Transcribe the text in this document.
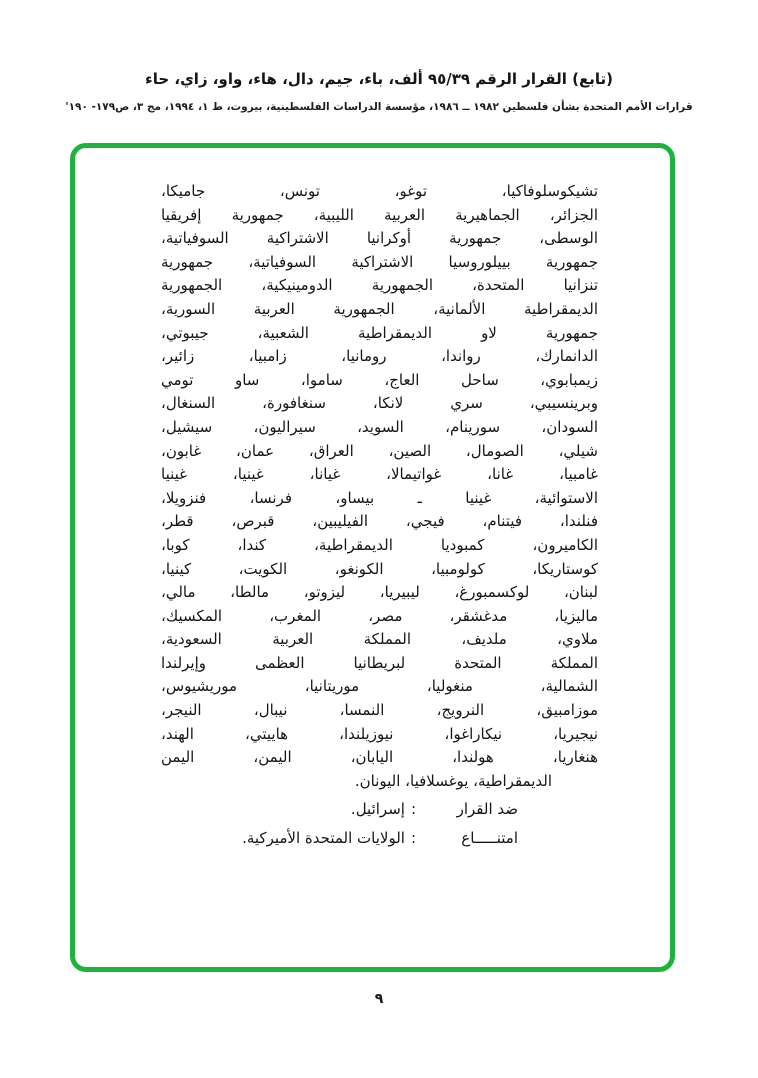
(تابع) القرار الرقم ٩٥/٣٩ ألف، باء، جيم، دال، هاء، واو، زاي، حاء
قرارات الأمم المتحدة بشأن فلسطين ١٩٨٢ ــ ١٩٨٦، مؤسسة الدراسات الفلسطينية، بيروت، ط ١، ١٩٩٤، مج ٣، ص١٧٩- ١٩٠'
تشيكوسلوفاكيا، توغو، تونس، جاميكا،
الجزائر، الجماهيرية العربية الليبية، جمهورية إفريقيا
الوسطى، جمهورية أوكرانيا الاشتراكية السوفياتية،
جمهورية بييلوروسيا الاشتراكية السوفياتية، جمهورية
تنزانيا المتحدة، الجمهورية الدومينيكية، الجمهورية
الديمقراطية الألمانية، الجمهورية العربية السورية،
جمهورية لاو الديمقراطية الشعبية، جيبوتي،
الدانمارك، رواندا، رومانيا، زامبيا، زائير،
زيمبابوي، ساحل العاج، ساموا، ساو تومي
وبرينسيبي، سري لانكا، سنغافورة، السنغال،
السودان، سورينام، السويد، سيراليون، سيشيل،
شيلي، الصومال، الصين، العراق، عمان، غابون،
غامبيا، غانا، غواتيمالا، غيانا، غينيا، غينيا
الاستوائية، غينيا ـ بيساو، فرنسا، فنزويلا،
فنلندا، فيتنام، فيجي، الفيليبين، قبرص، قطر،
الكاميرون، كمبوديا الديمقراطية، كندا، كوبا،
كوستاريكا، كولومبيا، الكونغو، الكويت، كينيا،
لبنان، لوكسمبورغ، ليبيريا، ليزوتو، مالطا، مالي،
ماليزيا، مدغشقر، مصر، المغرب، المكسيك،
ملاوي، ملديف، المملكة العربية السعودية،
المملكة المتحدة لبريطانيا العظمى وإيرلندا
الشمالية، منغوليا، موريتانيا، موريشيوس،
موزامبيق، النرويج، النمسا، نيبال، النيجر،
نيجيريا، نيكاراغوا، نيوزيلندا، هاييتي، الهند،
هنغاريا، هولندا، اليابان، اليمن، اليمن
الديمقراطية، يوغسلافيا، اليونان.
ضد القرار:إسرائيل.
امتنـــــاع:الولايات المتحدة الأميركية.
٩
